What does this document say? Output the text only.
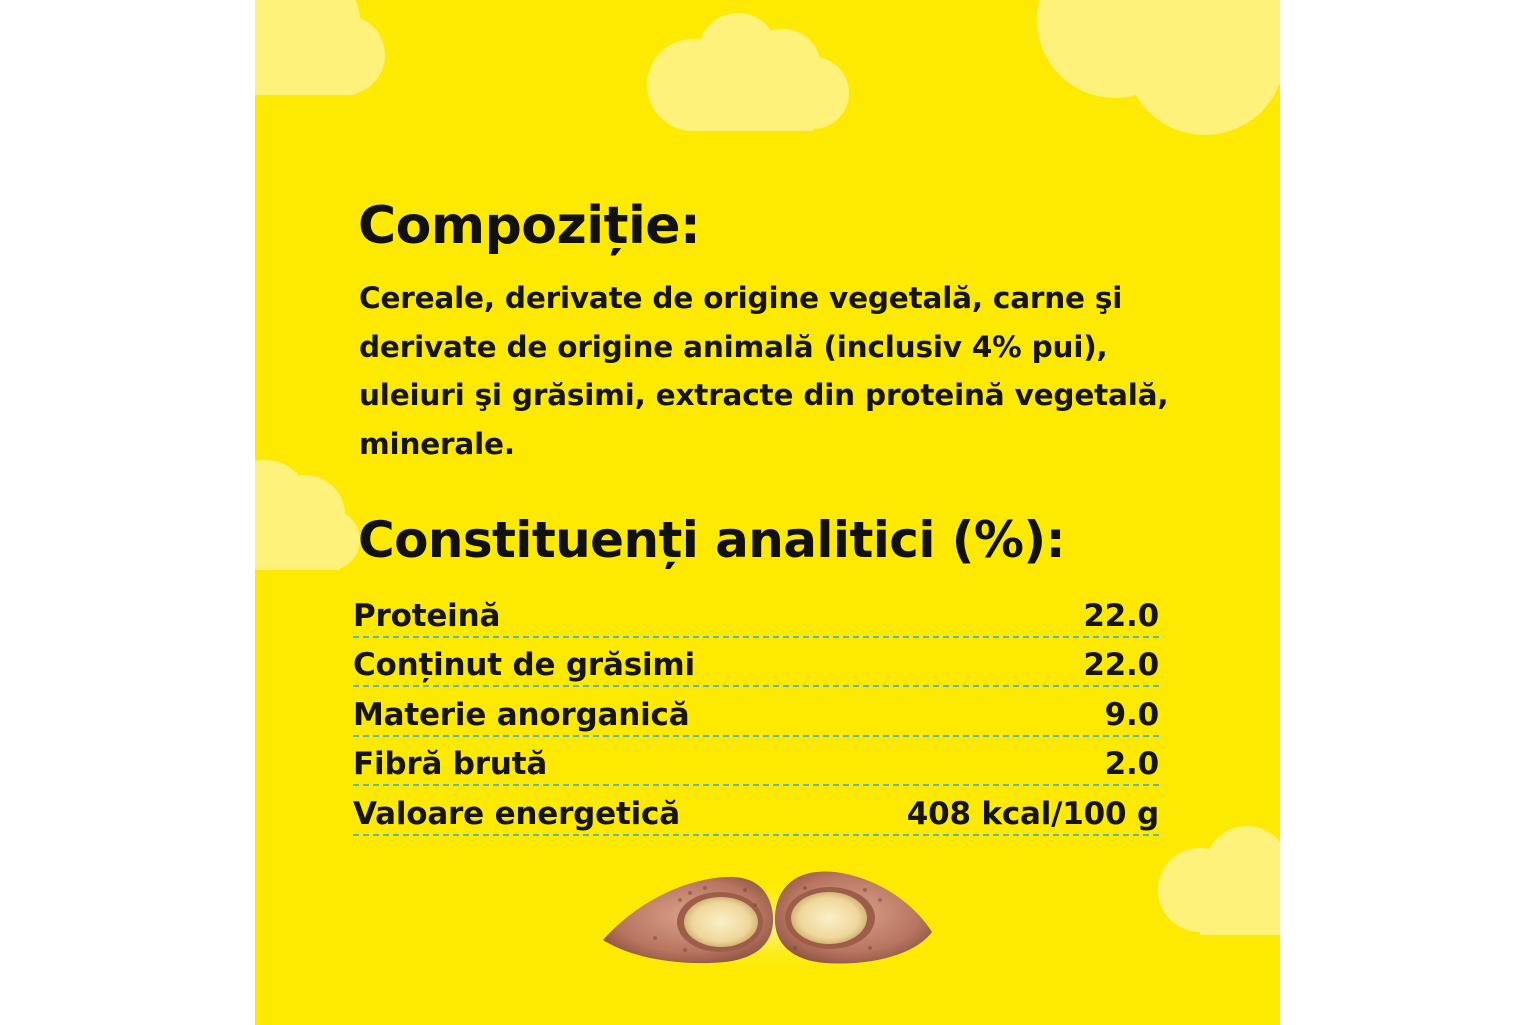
Compoziție:

Cereale, derivate de origine vegetală, carne şi derivate de origine animală (inclusiv 4% pui), uleiuri şi grăsimi, extracte din proteină vegetală, minerale.

Constituenți analitici (%):
Proteină	22.0
Conținut de grăsimi	22.0
Materie anorganică	9.0
Fibră brută	2.0
Valoare energetică	408 kcal/100 g
